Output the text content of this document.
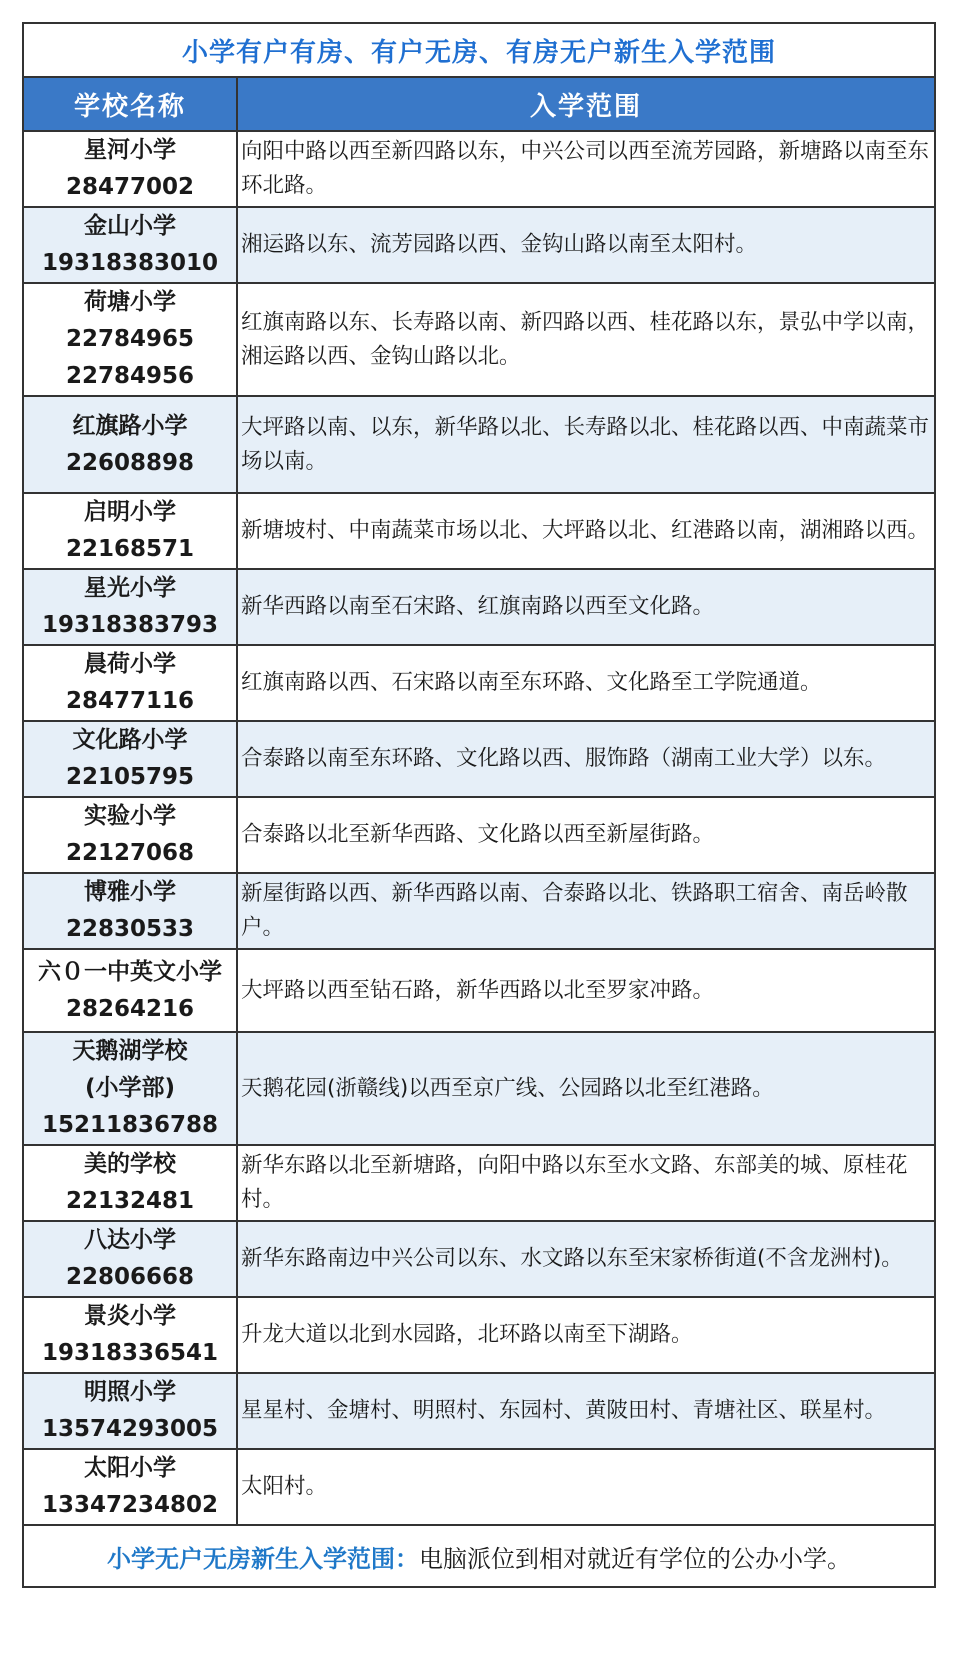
小学有户有房、有户无房、有房无户新生入学范围	
学校名称	入学范围

星河小学
28477002	向阳中路以西至新四路以东，中兴公司以西至流芳园路，新塘路以南至东环北路。

金山小学
19318383010	湘运路以东、流芳园路以西、金钩山路以南至太阳村。

荷塘小学
22784965
22784956	红旗南路以东、长寿路以南、新四路以西、桂花路以东，景弘中学以南，湘运路以西、金钩山路以北。

红旗路小学
22608898	大坪路以南、以东，新华路以北、长寿路以北、桂花路以西、中南蔬菜市场以南。

启明小学
22168571	新塘坡村、中南蔬菜市场以北、大坪路以北、红港路以南，湖湘路以西。

星光小学
19318383793	新华西路以南至石宋路、红旗南路以西至文化路。

晨荷小学
28477116	红旗南路以西、石宋路以南至东环路、文化路至工学院通道。

文化路小学
22105795	合泰路以南至东环路、文化路以西、服饰路（湖南工业大学）以东。

实验小学
22127068	合泰路以北至新华西路、文化路以西至新屋街路。

博雅小学
22830533	新屋街路以西、新华西路以南、合泰路以北、铁路职工宿舍、南岳岭散户。

六０一中英文小学
28264216	大坪路以西至钻石路，新华西路以北至罗家冲路。

天鹅湖学校
(小学部)
15211836788	天鹅花园(浙赣线)以西至京广线、公园路以北至红港路。

美的学校
22132481	新华东路以北至新塘路，向阳中路以东至水文路、东部美的城、原桂花村。

八达小学
22806668	新华东路南边中兴公司以东、水文路以东至宋家桥街道(不含龙洲村)。

景炎小学
19318336541	升龙大道以北到水园路，北环路以南至下湖路。

明照小学
13574293005	星星村、金塘村、明照村、东园村、黄陂田村、青塘社区、联星村。

太阳小学
13347234802	太阳村。
小学无户无房新生入学范围：电脑派位到相对就近有学位的公办小学。	
